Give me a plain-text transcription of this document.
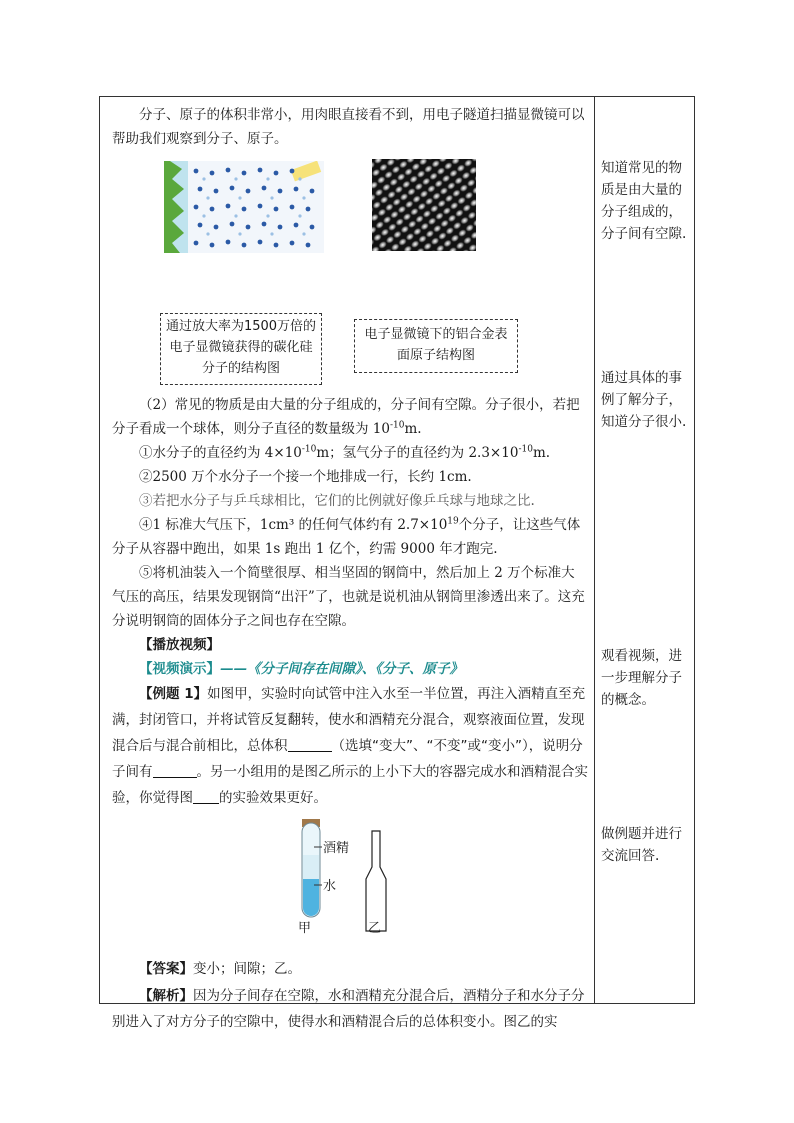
分子、原子的体积非常小，用肉眼直接看不到，用电子隧道扫描显微镜可以帮助我们观察到分子、原子。

通过放大率为1500万倍的电子显微镜获得的碳化硅分子的结构图
电子显微镜下的铝合金表面原子结构图

（2）常见的物质是由大量的分子组成的，分子间有空隙。分子很小，若把分子看成一个球体，则分子直径的数量级为 $10^{-10}m$.

①水分子的直径约为 $4\times 10^{-10}m$；氢气分子的直径约为 $2.3\times 10^{-10}m$.

②2500 万个水分子一个接一个地排成一行，长约 1cm.

③若把水分子与乒乓球相比，它们的比例就好像乒乓球与地球之比.

④1 标准大气压下，1cm³ 的任何气体约有 $2.7\times 10^{19}$个分子，让这些气体分子从容器中跑出，如果 1s 跑出 1 亿个，约需 9000 年才跑完.

⑤将机油装入一个简壁很厚、相当坚固的钢筒中，然后加上 2 万个标准大气压的高压，结果发现钢筒“出汗”了，也就是说机油从钢筒里渗透出来了。这充分说明钢筒的固体分子之间也存在空隙。

【播放视频】

【视频演示】——《分子间存在间隙》、《分子、原子》

【例题 1】如图甲，实验时向试管中注入水至一半位置，再注入酒精直至充满，封闭管口，并将试管反复翻转，使水和酒精充分混合，观察液面位置，发现混合后与混合前相比，总体积	（选填“变大”、“不变”或“变小”），说明分子间有	。另一小组用的是图乙所示的上小下大的容器完成水和酒精混合实验，你觉得图 的实验效果更好。

酒精
水
甲	乙

【答案】变小；间隙；乙。

【解析】因为分子间存在空隙，水和酒精充分混合后，酒精分子和水分子分别进入了对方分子的空隙中，使得水和酒精混合后的总体积变小。图乙的实

知道常见的物质是由大量的分子组成的，分子间有空隙.
通过具体的事例了解分子，知道分子很小.
观看视频，进一步理解分子的概念。
做例题并进行交流回答.
